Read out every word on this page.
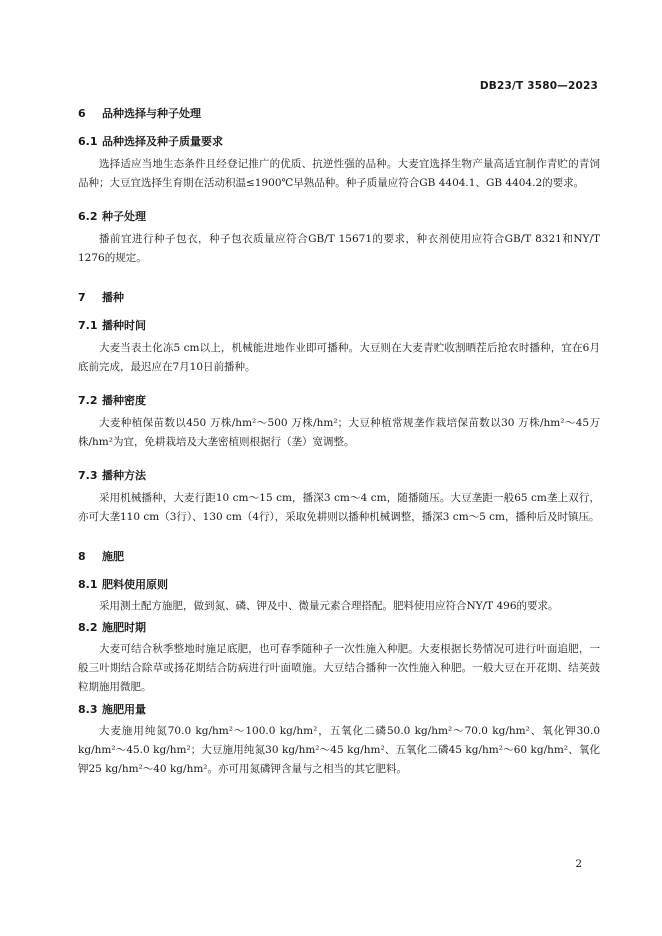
DB23/T 3580—2023
6 品种选择与种子处理
6.1 品种选择及种子质量要求

选择适应当地生态条件且经登记推广的优质、抗逆性强的品种。大麦宜选择生物产量高适宜制作青贮的青饲品种；大豆宜选择生育期在活动积温≤1900℃早熟品种。种子质量应符合GB 4404.1、GB 4404.2的要求。

6.2 种子处理

播前宜进行种子包衣，种子包衣质量应符合GB/T 15671的要求，种衣剂使用应符合GB/T 8321和NY/T 1276的规定。

7 播种
7.1 播种时间

大麦当表土化冻5 cm以上，机械能进地作业即可播种。大豆则在大麦青贮收割晒茬后抢农时播种，宜在6月底前完成，最迟应在7月10日前播种。

7.2 播种密度

大麦种植保苗数以450 万株/hm²～500 万株/hm²；大豆种植常规垄作栽培保苗数以30 万株/hm²～45万株/hm²为宜，免耕栽培及大垄密植则根据行（垄）宽调整。

7.3 播种方法

采用机械播种，大麦行距10 cm～15 cm，播深3 cm～4 cm，随播随压。大豆垄距一般65 cm垄上双行，亦可大垄110 cm（3行）、130 cm（4行），采取免耕则以播种机械调整，播深3 cm～5 cm，播种后及时镇压。

8 施肥
8.1 肥料使用原则

采用测土配方施肥，做到氮、磷、钾及中、微量元素合理搭配。肥料使用应符合NY/T 496的要求。

8.2 施肥时期

大麦可结合秋季整地时施足底肥，也可春季随种子一次性施入种肥。大麦根据长势情况可进行叶面追肥，一般三叶期结合除草或扬花期结合防病进行叶面喷施。大豆结合播种一次性施入种肥。一般大豆在开花期、结荚鼓粒期施用微肥。

8.3 施肥用量

大麦施用纯氮70.0 kg/hm²～100.0 kg/hm²，五氧化二磷50.0 kg/hm²～70.0 kg/hm²、氧化钾30.0 kg/hm²～45.0 kg/hm²；大豆施用纯氮30 kg/hm²～45 kg/hm²、五氧化二磷45 kg/hm²～60 kg/hm²、氧化钾25 kg/hm²～40 kg/hm²。亦可用氮磷钾含量与之相当的其它肥料。

2
